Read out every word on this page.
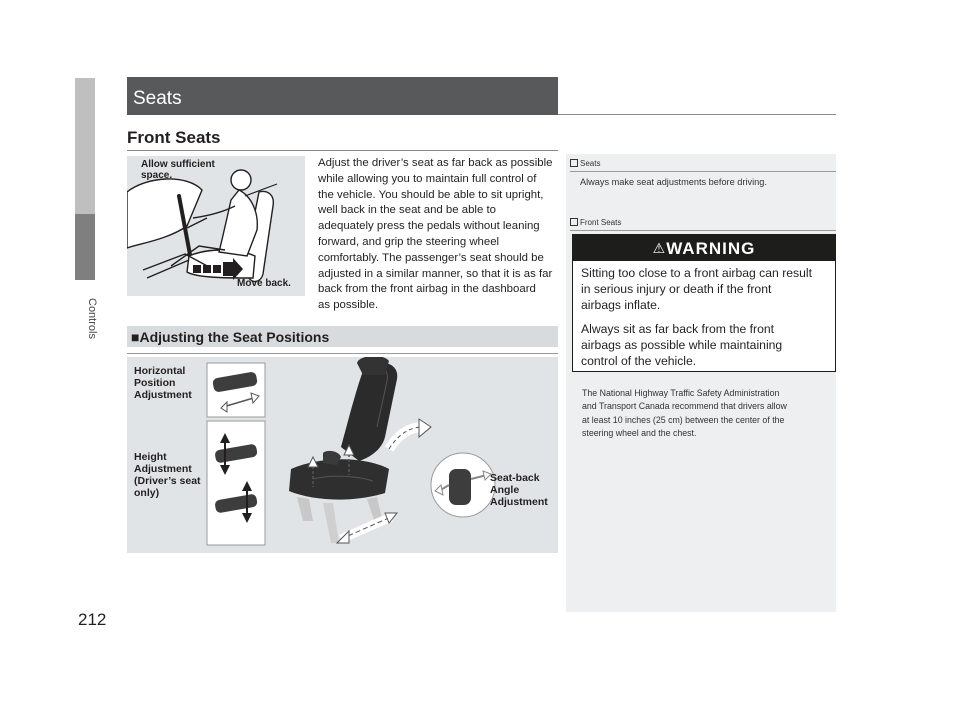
Controls
212
Seats
Front Seats
Allow sufficient
space.
Move back.
Adjust the driver’s seat as far back as possible
while allowing you to maintain full control of
the vehicle. You should be able to sit upright,
well back in the seat and be able to
adequately press the pedals without leaning
forward, and grip the steering wheel
comfortably. The passenger’s seat should be
adjusted in a similar manner, so that it is as far
back from the front airbag in the dashboard
as possible.
■Adjusting the Seat Positions
Horizontal
Position
Adjustment
Height
Adjustment
(Driver’s seat
only)
Seat-back
Angle
Adjustment
Seats
Always make seat adjustments before driving.
Front Seats
⚠WARNING
Sitting too close to a front airbag can result
in serious injury or death if the front
airbags inflate.
Always sit as far back from the front
airbags as possible while maintaining
control of the vehicle.
The National Highway Traffic Safety Administration
and Transport Canada recommend that drivers allow
at least 10 inches (25 cm) between the center of the
steering wheel and the chest.
